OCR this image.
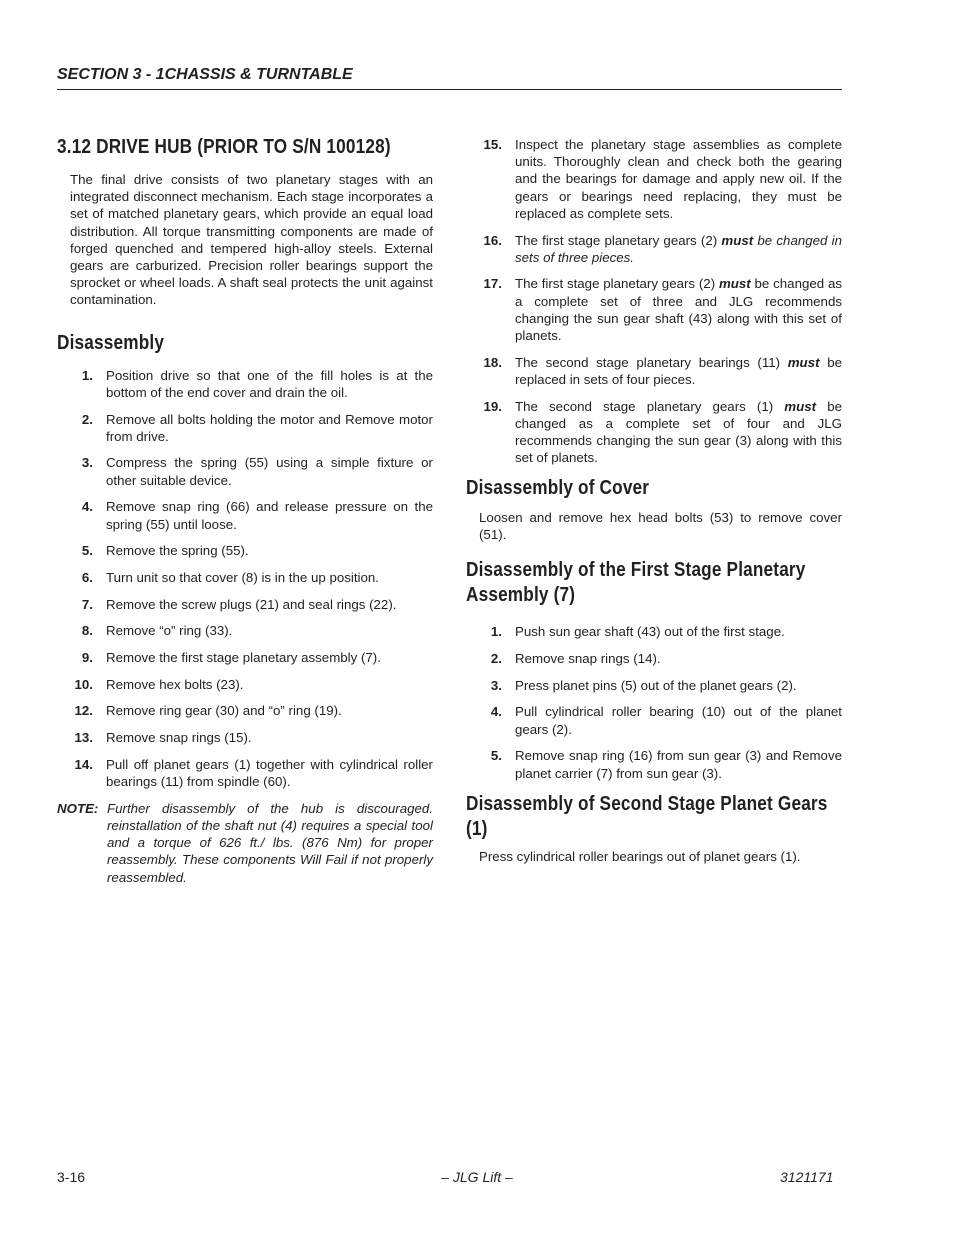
SECTION 3 - 1CHASSIS & TURNTABLE
3.12 DRIVE HUB (PRIOR TO S/N 100128)

The final drive consists of two planetary stages with an integrated disconnect mechanism. Each stage incorporates a set of matched planetary gears, which provide an equal load distribution. All torque transmitting components are made of forged quenched and tempered high-alloy steels. External gears are carburized. Precision roller bearings support the sprocket or wheel loads. A shaft seal protects the unit against contamination.

Disassembly
1. Position drive so that one of the fill holes is at the bottom of the end cover and drain the oil.
2. Remove all bolts holding the motor and Remove motor from drive.
3. Compress the spring (55) using a simple fixture or other suitable device.
4. Remove snap ring (66) and release pressure on the spring (55) until loose.
5. Remove the spring (55).
6. Turn unit so that cover (8) is in the up position.
7. Remove the screw plugs (21) and seal rings (22).
8. Remove “o” ring (33).
9. Remove the first stage planetary assembly (7).
10. Remove hex bolts (23).
12. Remove ring gear (30) and “o” ring (19).
13. Remove snap rings (15).
14. Pull off planet gears (1) together with cylindrical roller bearings (11) from spindle (60).
NOTE: Further disassembly of the hub is discouraged. reinstallation of the shaft nut (4) requires a special tool and a torque of 626 ft./ lbs. (876 Nm) for proper reassembly. These components Will Fail if not properly reassembled.
15. Inspect the planetary stage assemblies as complete units. Thoroughly clean and check both the gearing and the bearings for damage and apply new oil. If the gears or bearings need replacing, they must be replaced as complete sets.
16. The first stage planetary gears (2) must be changed in sets of three pieces.
17. The first stage planetary gears (2) must be changed as a complete set of three and JLG recommends changing the sun gear shaft (43) along with this set of planets.
18. The second stage planetary bearings (11) must be replaced in sets of four pieces.
19. The second stage planetary gears (1) must be changed as a complete set of four and JLG recommends changing the sun gear (3) along with this set of planets.
Disassembly of Cover

Loosen and remove hex head bolts (53) to remove cover (51).

Disassembly of the First Stage Planetary Assembly (7)
1. Push sun gear shaft (43) out of the first stage.
2. Remove snap rings (14).
3. Press planet pins (5) out of the planet gears (2).
4. Pull cylindrical roller bearing (10) out of the planet gears (2).
5. Remove snap ring (16) from sun gear (3) and Remove planet carrier (7) from sun gear (3).
Disassembly of Second Stage Planet Gears (1)

Press cylindrical roller bearings out of planet gears (1).

3-16	– JLG Lift –	3121171
